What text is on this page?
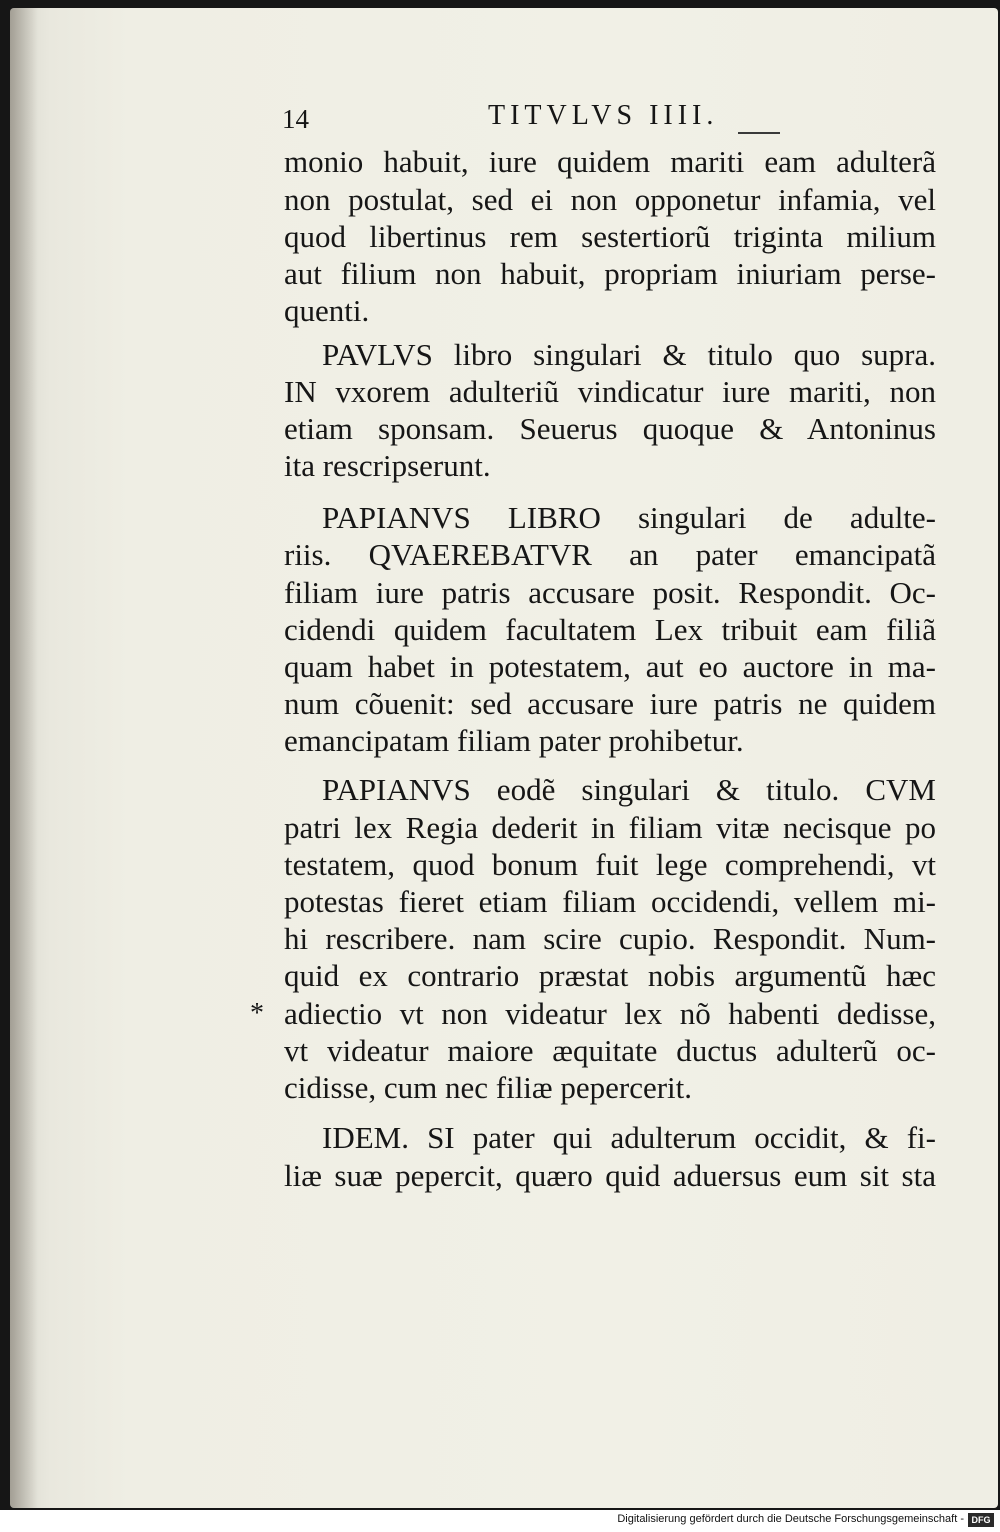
14	TITVLVS IIII.
monio habuit, iure quidem mariti eam adulterã
non postulat, sed ei non opponetur infamia, vel
quod libertinus rem sestertiorũ triginta milium
aut filium non habuit, propriam iniuriam perse-
quenti.
PAVLVS libro singulari & titulo quo supra.
IN vxorem adulteriũ vindicatur iure mariti, non
etiam sponsam. Seuerus quoque & Antoninus
ita rescripserunt.
PAPIANVS LIBRO singulari de adulte-
riis. QVAEREBATVR an pater emancipatã
filiam iure patris accusare posit. Respondit. Oc-
cidendi quidem facultatem Lex tribuit eam filiã
quam habet in potestatem, aut eo auctore in ma-
num cõuenit: sed accusare iure patris ne quidem
emancipatam filiam pater prohibetur.
PAPIANVS eodẽ singulari & titulo. CVM
patri lex Regia dederit in filiam vitæ necisque po
testatem, quod bonum fuit lege comprehendi, vt
potestas fieret etiam filiam occidendi, vellem mi-
hi rescribere. nam scire cupio. Respondit. Num-
quid ex contrario præstat nobis argumentũ hæc
adiectio vt non videatur lex nõ habenti dedisse,
vt videatur maiore æquitate ductus adulterũ oc-
cidisse, cum nec filiæ pepercerit.
IDEM. SI pater qui adulterum occidit, & fi-
liæ suæ pepercit, quæro quid aduersus eum sit sta
*
Digitalisierung gefördert durch die Deutsche Forschungsgemeinschaft - DFG
